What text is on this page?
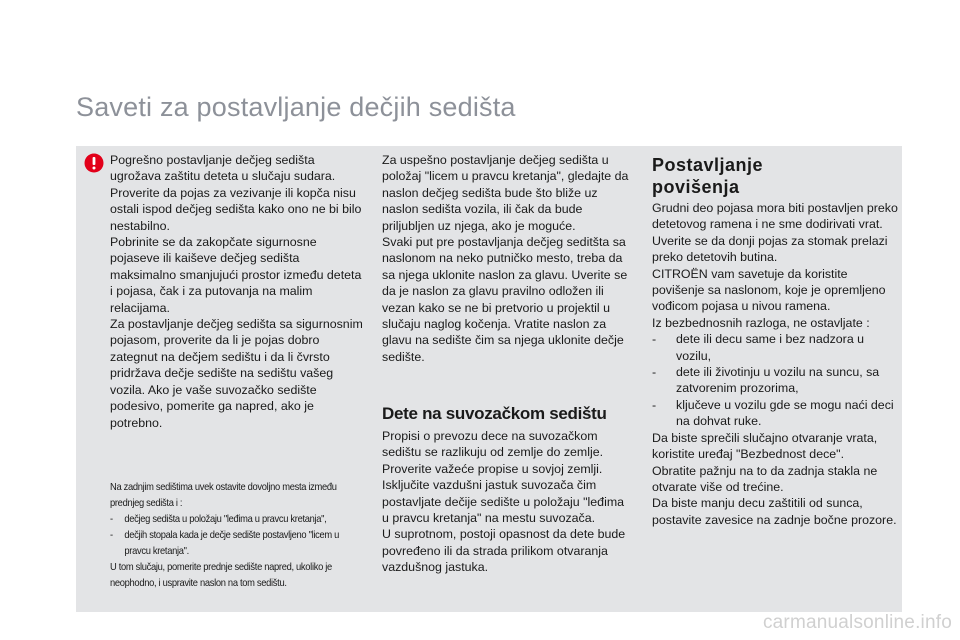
Saveti za postavljanje dečjih sedišta

Pogrešno postavljanje dečjeg sedišta ugrožava zaštitu deteta u slučaju sudara. Proverite da pojas za vezivanje ili kopča nisu ostali ispod dečjeg sedišta kako ono ne bi bilo nestabilno.

Pobrinite se da zakopčate sigurnosne pojaseve ili kaiševe dečjeg sedišta maksimalno smanjujući prostor između deteta i pojasa, čak i za putovanja na malim relacijama.

Za postavljanje dečjeg sedišta sa sigurnosnim pojasom, proverite da li je pojas dobro zategnut na dečjem sedištu i da li čvrsto pridržava dečje sedište na sedištu vašeg vozila. Ako je vaše suvozačko sedište podesivo, pomerite ga napred, ako je potrebno.

Na zadnjim sedištima uvek ostavite dovoljno mesta između prednjeg sedišta i :

- dečjeg sedišta u položaju "leđima u pravcu kretanja",
- dečjih stopala kada je dečje sedište postavljeno "licem u pravcu kretanja".

U tom slučaju, pomerite prednje sedište napred, ukoliko je neophodno, i uspravite naslon na tom sedištu.

Za uspešno postavljanje dečjeg sedišta u položaj "licem u pravcu kretanja", gledajte da naslon dečjeg sedišta bude što bliže uz naslon sedišta vozila, ili čak da bude priljubljen uz njega, ako je moguće.

Svaki put pre postavljanja dečjeg seditšta sa naslonom na neko putničko mesto, treba da sa njega uklonite naslon za glavu. Uverite se da je naslon za glavu pravilno odložen ili vezan kako se ne bi pretvorio u projektil u slučaju naglog kočenja. Vratite naslon za glavu na sedište čim sa njega uklonite dečje sedište.

Dete na suvozačkom sedištu

Propisi o prevozu dece na suvozačkom sedištu se razlikuju od zemlje do zemlje. Proverite važeće propise u sovjoj zemlji.

Isključite vazdušni jastuk suvozača čim postavljate dečije sedište u položaju "leđima u pravcu kretanja" na mestu suvozača.

U suprotnom, postoji opasnost da dete bude povređeno ili da strada prilikom otvaranja vazdušnog jastuka.

Postavljanje povišenja

Grudni deo pojasa mora biti postavljen preko detetovog ramena i ne sme dodirivati vrat.

Uverite se da donji pojas za stomak prelazi preko detetovih butina.

CITROËN vam savetuje da koristite povišenje sa naslonom, koje je opremljeno vođicom pojasa u nivou ramena.

Iz bezbednosnih razloga, ne ostavljate :

- dete ili decu same i bez nadzora u vozilu,
- dete ili životinju u vozilu na suncu, sa zatvorenim prozorima,
- ključeve u vozilu gde se mogu naći deci na dohvat ruke.

Da biste sprečili slučajno otvaranje vrata, koristite uređaj "Bezbednost dece".

Obratite pažnju na to da zadnja stakla ne otvarate više od trećine.

Da biste manju decu zaštitili od sunca, postavite zavesice na zadnje bočne prozore.

carmanualsonline.info
